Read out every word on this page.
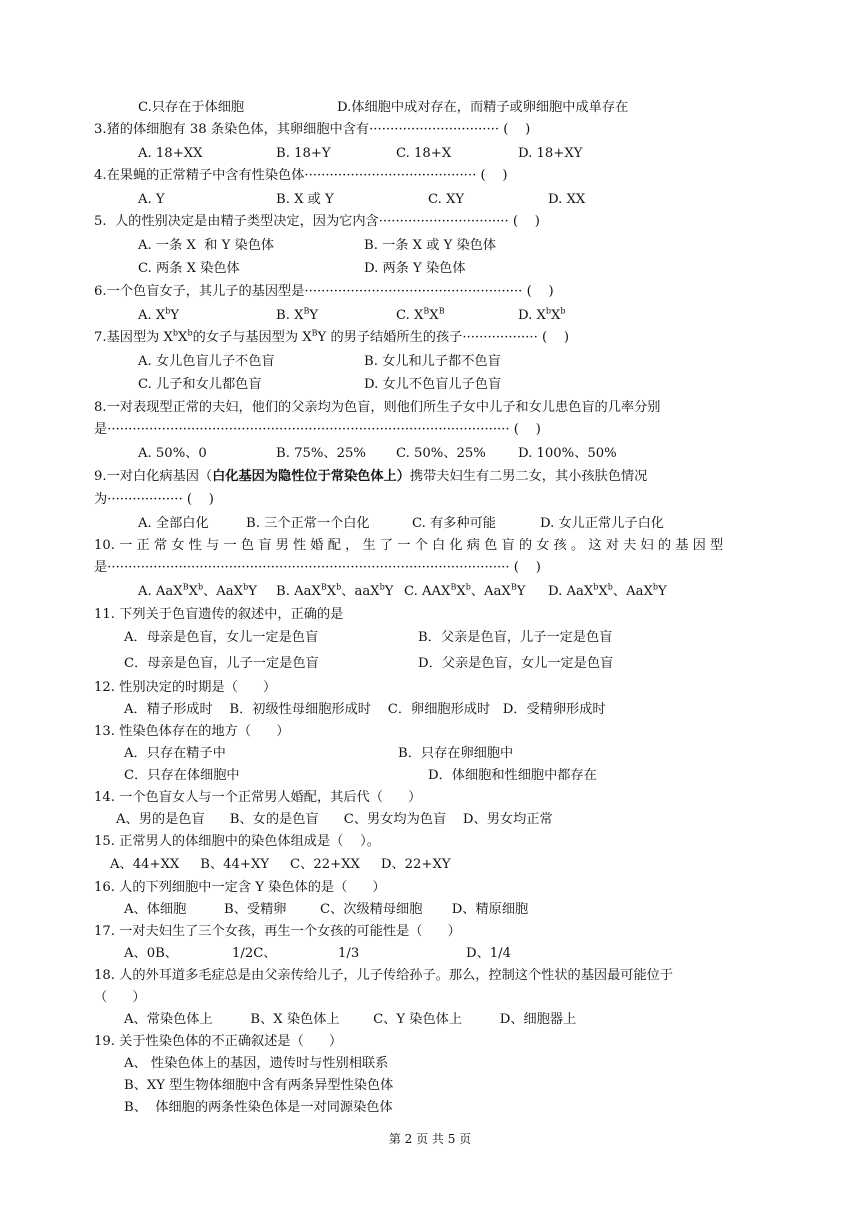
C.只存在于体细胞	D.体细胞中成对存在，而精子或卵细胞中成单存在
3.猪的体细胞有 38 条染色体，其卵细胞中含有······························· (    )
A. 18+XX	B. 18+Y	C. 18+X	D. 18+XY
4.在果蝇的正常精子中含有性染色体········································· (    )
A. Y	B. X 或 Y	C. XY	D. XX
5.  人的性别决定是由精子类型决定，因为它内含······························· (    )
A. 一条 X  和 Y 染色体	B. 一条 X 或 Y 染色体
C. 两条 X 染色体	D. 两条 Y 染色体
6.一个色盲女子，其儿子的基因型是···················································· (    )
8.一对表现型正常的夫妇，他们的父亲均为色盲，则他们所生子女中儿子和女儿患色盲的几率分别
是································································································ (    )
A. 50%、0	B. 75%、25% C. 50%、25% D. 100%、50%
为·················· (    )
A. 全部白化	B. 三个正常一个白化	C. 有多种可能	D. 女儿正常儿子白化
10. 一 正 常 女 性 与 一 色 盲 男 性 婚 配 ， 生 了 一 个 白 化 病 色 盲 的 女 孩 。 这 对 夫 妇 的 基 因 型
是································································································ (    )
11. 下列关于色盲遗传的叙述中，正确的是
A．母亲是色盲，女儿一定是色盲	B．父亲是色盲，儿子一定是色盲
C．母亲是色盲，儿子一定是色盲	D．父亲是色盲，女儿一定是色盲
12. 性别决定的时期是（      ）
A．精子形成时    B．初级性母细胞形成时    C．卵细胞形成时   D．受精卵形成时
13. 性染色体存在的地方（      ）
A．只存在精子中	B．只存在卵细胞中
C．只存在体细胞中	D．体细胞和性细胞中都存在
14. 一个色盲女人与一个正常男人婚配，其后代（      ）
A、男的是色盲      B、女的是色盲      C、男女均为色盲    D、男女均正常
15. 正常男人的体细胞中的染色体组成是（    ）。
A、44+XX     B、44+XY     C、22+XX     D、22+XY
16. 人的下列细胞中一定含 Y 染色体的是（      ）
A、体细胞         B、受精卵        C、次级精母细胞       D、精原细胞
17. 一对夫妇生了三个女孩，再生一个女孩的可能性是（      ）
A、0B、	1/2C、	1/3	D、1/4
18. 人的外耳道多毛症总是由父亲传给儿子，儿子传给孙子。那么，控制这个性状的基因最可能位于
（      ）
A、常染色体上         B、X 染色体上        C、Y 染色体上         D、细胞器上
19. 关于性染色体的不正确叙述是（      ）
A、 性染色体上的基因，遗传时与性别相联系
B、XY 型生物体细胞中含有两条异型性染色体
B、  体细胞的两条性染色体是一对同源染色体
A. $X^bY$	B. $X^BY$	C. $X^BX^B$	D. $X^bX^b$
7.基因型为 $X^bX^b$的女子与基因型为 $X^BY$ 的男子结婚所生的孩子·················· (    )
A. 女儿色盲儿子不色盲	B. 女儿和儿子都不色盲
C. 儿子和女儿都色盲	D. 女儿不色盲儿子色盲
9.一对白化病基因（白化基因为隐性位于常染色体上）携带夫妇生有二男二女，其小孩肤色情况
A. $AaX^BX^b$、AaX$^b$Y B. $AaX^BX^b$、aaX$^b$Y C. $AAX^BX^b$、AaX$^B$Y D. $AaX^bX^b$、AaX$^b$Y
第 2 页 共 5 页
